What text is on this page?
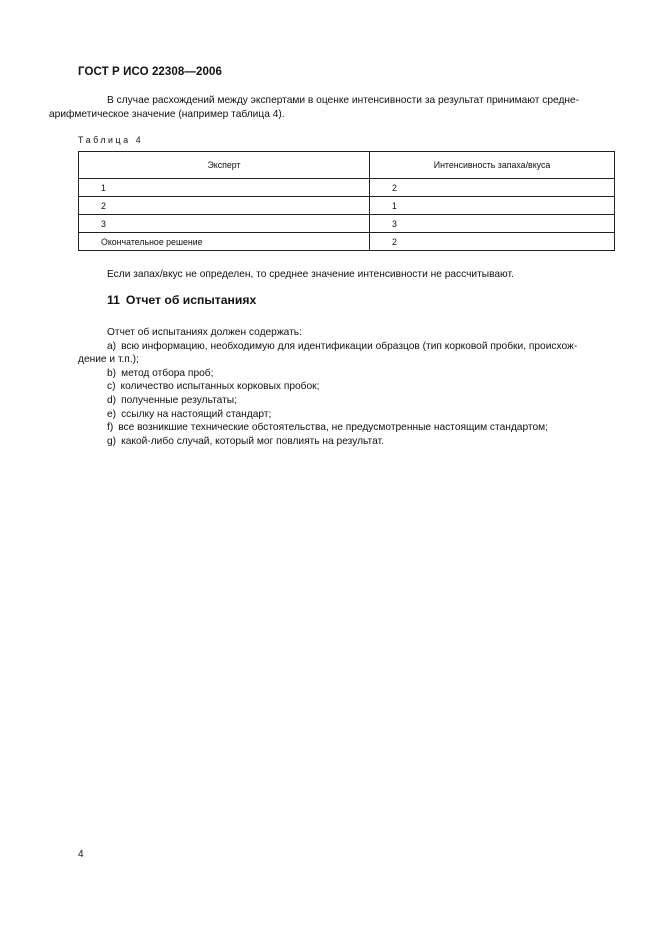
ГОСТ Р ИСО 22308—2006

В случае расхождений между экспертами в оценке интенсивности за результат принимают средне-
арифметическое значение (например таблица 4).

Таблица 4
Эксперт	Интенсивность запаха/вкуса
1	2
2	1
3	3
Окончательное решение	2

Если запах/вкус не определен, то среднее значение интенсивности не рассчитывают.

11 Отчет об испытаниях
Отчет об испытаниях должен содержать:
a) всю информацию, необходимую для идентификации образцов (тип корковой пробки, происхож-
дение и т.п.);
b) метод отбора проб;
c) количество испытанных корковых пробок;
d) полученные результаты;
e) ссылку на настоящий стандарт;
f) все возникшие технические обстоятельства, не предусмотренные настоящим стандартом;
g) какой-либо случай, который мог повлиять на результат.
4
